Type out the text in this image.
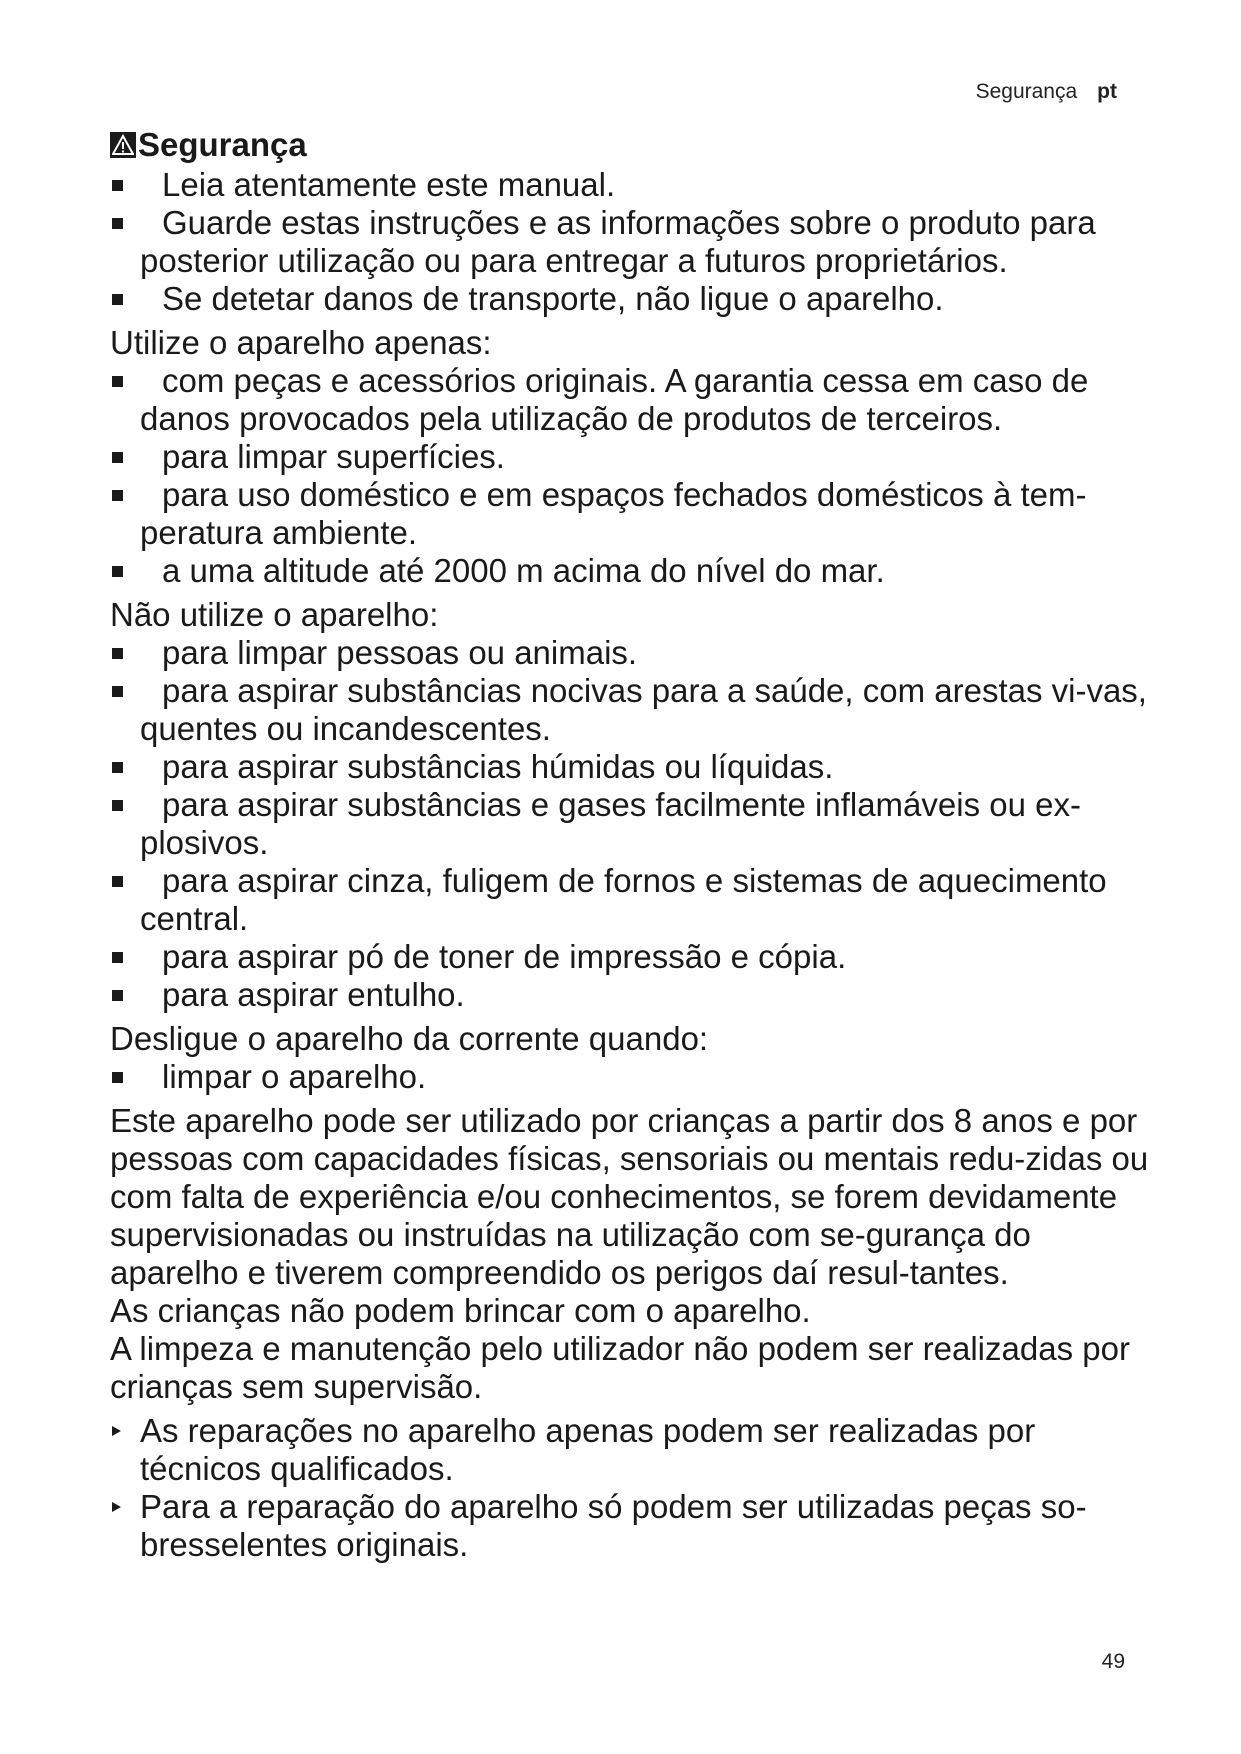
Segurança pt
Segurança
Leia atentamente este manual.
Guarde estas instruções e as informações sobre o produto para posterior utilização ou para entregar a futuros proprietários.
Se detetar danos de transporte, não ligue o aparelho.
Utilize o aparelho apenas:
com peças e acessórios originais. A garantia cessa em caso de danos provocados pela utilização de produtos de terceiros.
para limpar superfícies.
para uso doméstico e em espaços fechados domésticos à tem-peratura ambiente.
a uma altitude até 2000 m acima do nível do mar.
Não utilize o aparelho:
para limpar pessoas ou animais.
para aspirar substâncias nocivas para a saúde, com arestas vi-vas, quentes ou incandescentes.
para aspirar substâncias húmidas ou líquidas.
para aspirar substâncias e gases facilmente inflamáveis ou ex-plosivos.
para aspirar cinza, fuligem de fornos e sistemas de aquecimento central.
para aspirar pó de toner de impressão e cópia.
para aspirar entulho.
Desligue o aparelho da corrente quando:
limpar o aparelho.
Este aparelho pode ser utilizado por crianças a partir dos 8 anos e por pessoas com capacidades físicas, sensoriais ou mentais redu-zidas ou com falta de experiência e/ou conhecimentos, se forem devidamente supervisionadas ou instruídas na utilização com se-gurança do aparelho e tiverem compreendido os perigos daí resul-tantes.
As crianças não podem brincar com o aparelho.
A limpeza e manutenção pelo utilizador não podem ser realizadas por crianças sem supervisão.
As reparações no aparelho apenas podem ser realizadas por técnicos qualificados.
Para a reparação do aparelho só podem ser utilizadas peças so-bresselentes originais.
49
